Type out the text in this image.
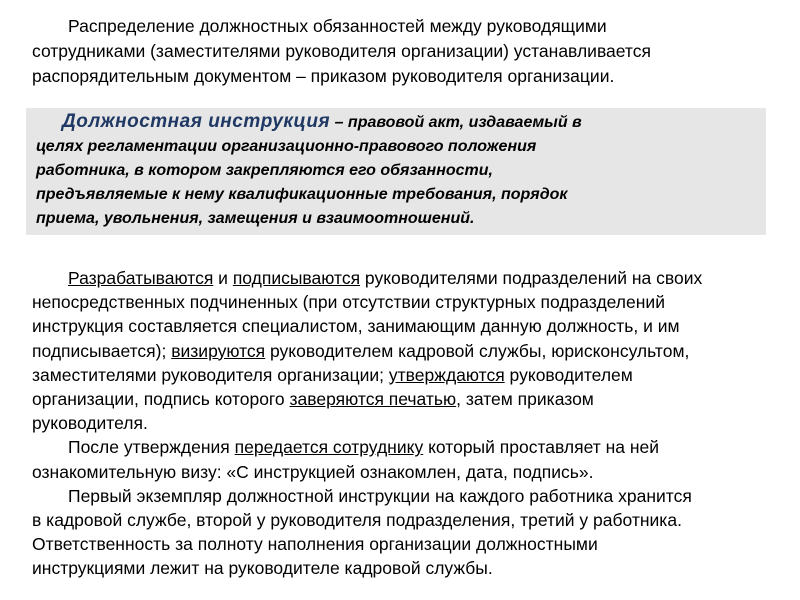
Распределение должностных обязанностей между руководящими
сотрудниками (заместителями руководителя организации) устанавливается
распорядительным документом – приказом руководителя организации.
Должностная инструкция – правовой акт, издаваемый в
целях регламентации организационно-правового положения
работника, в котором закрепляются его обязанности,
предъявляемые к нему квалификационные требования, порядок
приема, увольнения, замещения и взаимоотношений.
Разрабатываются и подписываются руководителями подразделений на своих
непосредственных подчиненных (при отсутствии структурных подразделений
инструкция составляется специалистом, занимающим данную должность, и им
подписывается); визируются руководителем кадровой службы, юрисконсультом,
заместителями руководителя организации; утверждаются руководителем
организации, подпись которого заверяются печатью, затем приказом
руководителя.
После утверждения передается сотруднику который проставляет на ней
ознакомительную визу: «С инструкцией ознакомлен, дата, подпись».
Первый экземпляр должностной инструкции на каждого работника хранится
в кадровой службе, второй у руководителя подразделения, третий у работника.
Ответственность за полноту наполнения организации должностными
инструкциями лежит на руководителе кадровой службы.
